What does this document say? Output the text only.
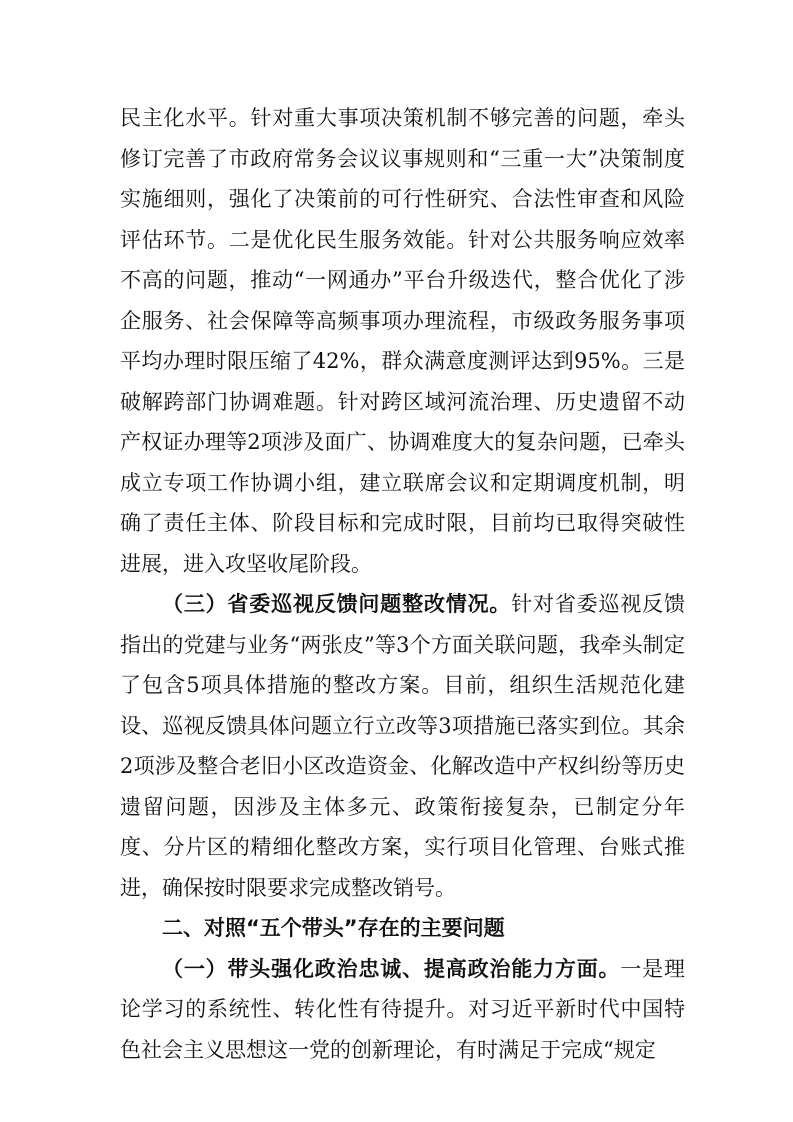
民主化水平。针对重大事项决策机制不够完善的问题，牵头修订完善了市政府常务会议议事规则和“三重一大”决策制度实施细则，强化了决策前的可行性研究、合法性审查和风险评估环节。二是优化民生服务效能。针对公共服务响应效率不高的问题，推动“一网通办”平台升级迭代，整合优化了涉企服务、社会保障等高频事项办理流程，市级政务服务事项平均办理时限压缩了42%，群众满意度测评达到95%。三是破解跨部门协调难题。针对跨区域河流治理、历史遗留不动产权证办理等2项涉及面广、协调难度大的复杂问题，已牵头成立专项工作协调小组，建立联席会议和定期调度机制，明确了责任主体、阶段目标和完成时限，目前均已取得突破性进展，进入攻坚收尾阶段。

（三）省委巡视反馈问题整改情况。针对省委巡视反馈指出的党建与业务“两张皮”等3个方面关联问题，我牵头制定了包含5项具体措施的整改方案。目前，组织生活规范化建设、巡视反馈具体问题立行立改等3项措施已落实到位。其余2项涉及整合老旧小区改造资金、化解改造中产权纠纷等历史遗留问题，因涉及主体多元、政策衔接复杂，已制定分年度、分片区的精细化整改方案，实行项目化管理、台账式推进，确保按时限要求完成整改销号。

二、对照“五个带头”存在的主要问题

（一）带头强化政治忠诚、提高政治能力方面。一是理论学习的系统性、转化性有待提升。对习近平新时代中国特色社会主义思想这一党的创新理论，有时满足于完成“规定
